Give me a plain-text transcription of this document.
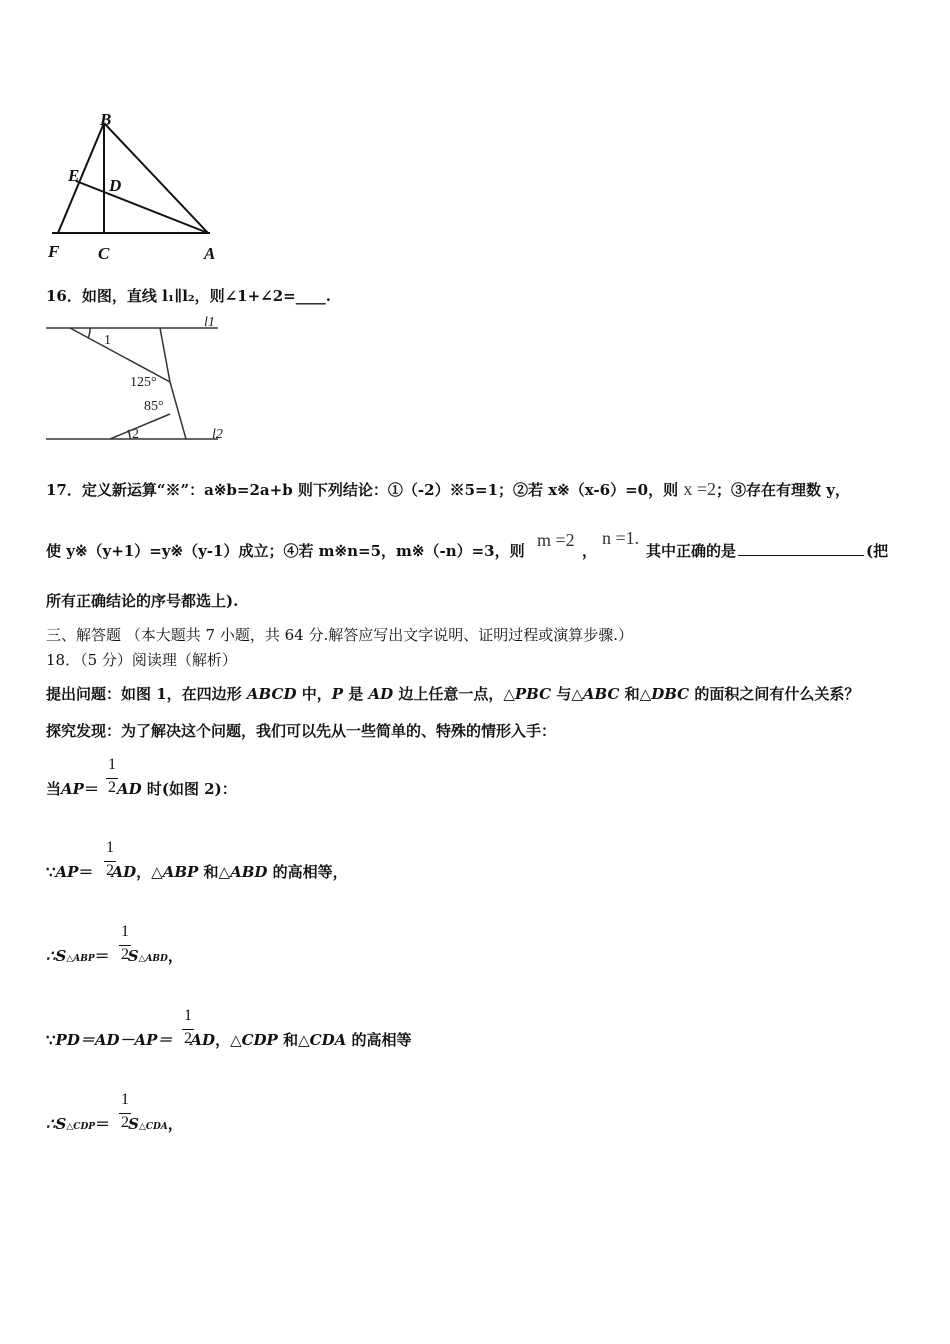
B
E
D
F C	A
16．如图，直线 l₁∥l₂，则∠1+∠2=____.
l1
l2
1
2
125°
85°
17．定义新运算“※”：a※b=2a+b 则下列结论：①（-2）※5=1；②若 x※（x-6）=0，则 x =2；③存在有理数 y，
使 y※（y+1）=y※（y-1）成立；④若 m※n=5，m※（-n）=3，则
m =2
，
n =1.
其中正确的是	(把
所有正确结论的序号都选上).
三、解答题 （本大题共 7 小题，共 64 分.解答应写出文字说明、证明过程或演算步骤.）
18．（5 分）阅读理（解析）
提出问题：如图 1，在四边形 ABCD 中，P 是 AD 边上任意一点，△PBC 与△ABC 和△DBC 的面积之间有什么关系？
探究发现：为了解决这个问题，我们可以先从一些简单的、特殊的情形入手：
当AP＝ AD 时(如图 2)：
1
2
∵AP＝ AD，△ABP 和△ABD 的高相等，
1
2
∴S△ABP＝ S△ABD，
1
2
∵PD＝AD－AP＝ AD，△CDP 和△CDA 的高相等
1
2
∴S△CDP＝ S△CDA，
1
2
